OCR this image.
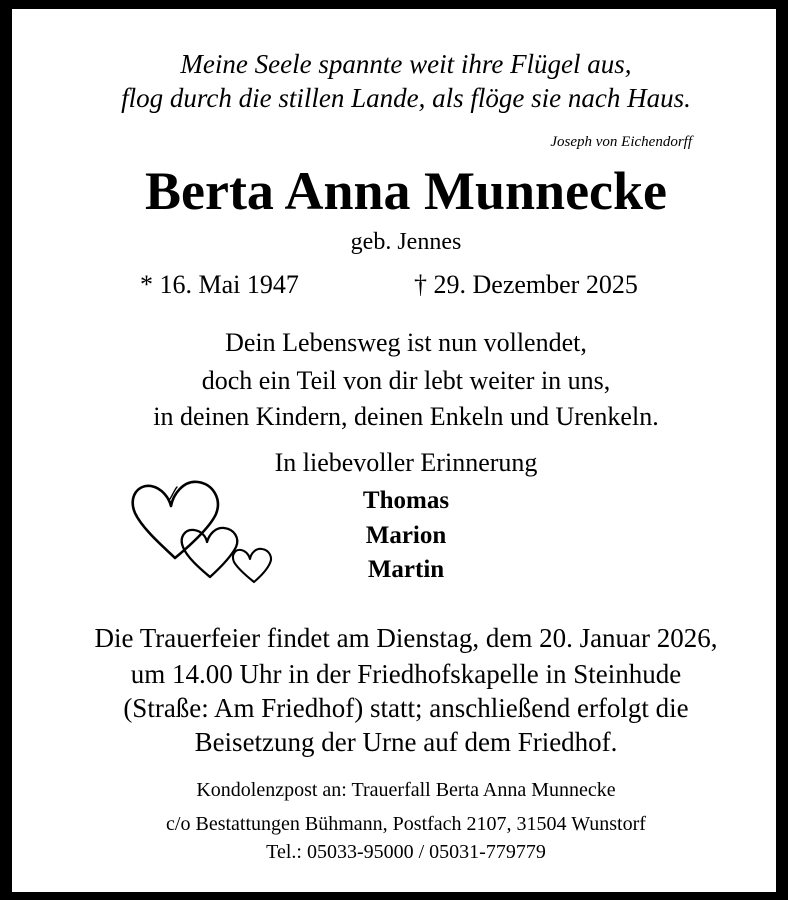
Meine Seele spannte weit ihre Flügel aus,

flog durch die stillen Lande, als flöge sie nach Haus.

Joseph von Eichendorff

Berta Anna Munnecke

geb. Jennes

* 16. Mai 1947	† 29. Dezember 2025

Dein Lebensweg ist nun vollendet,

doch ein Teil von dir lebt weiter in uns,

in deinen Kindern, deinen Enkeln und Urenkeln.

In liebevoller Erinnerung

Thomas

Marion

Martin

Die Trauerfeier findet am Dienstag, dem 20. Januar 2026,

um 14.00 Uhr in der Friedhofskapelle in Steinhude

(Straße: Am Friedhof) statt; anschließend erfolgt die

Beisetzung der Urne auf dem Friedhof.

Kondolenzpost an: Trauerfall Berta Anna Munnecke

c/o Bestattungen Bühmann, Postfach 2107, 31504 Wunstorf

Tel.: 05033-95000 / 05031-779779
